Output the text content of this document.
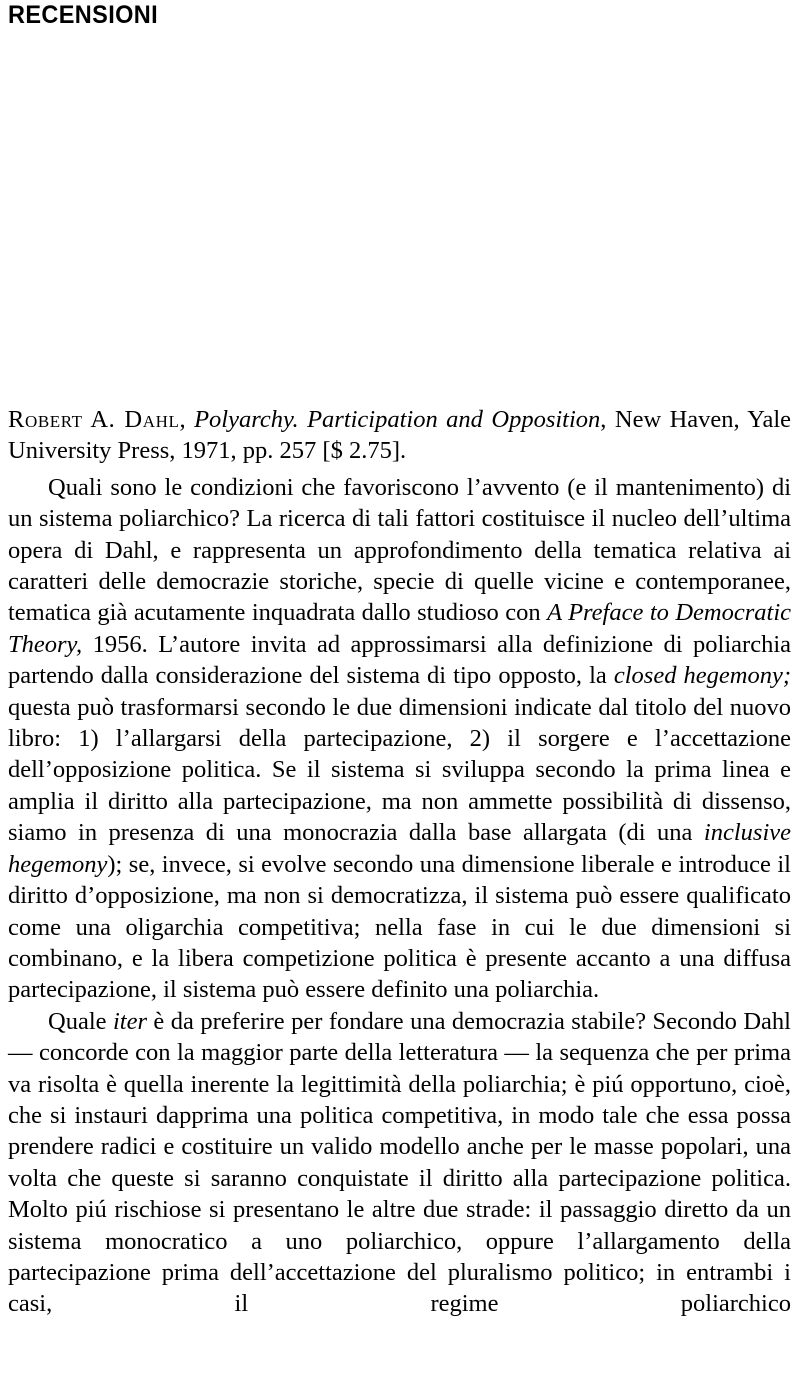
RECENSIONI

Robert A. Dahl, Polyarchy. Participation and Opposition, New Haven, Yale University Press, 1971, pp. 257 [$ 2.75].

Quali sono le condizioni che favoriscono l’avvento (e il mantenimento) di un sistema poliarchico? La ricerca di tali fattori costituisce il nucleo dell’ultima opera di Dahl, e rappresenta un approfondimento della tematica relativa ai caratteri delle democrazie storiche, specie di quelle vicine e contemporanee, tematica già acutamente inquadrata dallo studioso con A Preface to Democratic Theory, 1956. L’autore invita ad approssimarsi alla definizione di poliarchia partendo dalla considerazione del sistema di tipo opposto, la closed hegemony; questa può trasformarsi secondo le due dimensioni indicate dal titolo del nuovo libro: 1) l’allargarsi della partecipazione, 2) il sorgere e l’accettazione dell’opposizione politica. Se il sistema si sviluppa secondo la prima linea e amplia il diritto alla partecipazione, ma non ammette possibilità di dissenso, siamo in presenza di una monocrazia dalla base allargata (di una inclusive hegemony); se, invece, si evolve secondo una dimensione liberale e introduce il diritto d’opposizione, ma non si democratizza, il sistema può essere qualificato come una oligarchia competitiva; nella fase in cui le due dimensioni si combinano, e la libera competizione politica è presente accanto a una diffusa partecipazione, il sistema può essere definito una poliarchia.

Quale iter è da preferire per fondare una democrazia stabile? Secondo Dahl — concorde con la maggior parte della letteratura — la sequenza che per prima va risolta è quella inerente la legittimità della poliarchia; è piú opportuno, cioè, che si instauri dapprima una politica competitiva, in modo tale che essa possa prendere radici e costituire un valido modello anche per le masse popolari, una volta che queste si saranno conquistate il diritto alla partecipazione politica. Molto piú rischiose si presentano le altre due strade: il passaggio diretto da un sistema monocratico a uno poliarchico, oppure l’allargamento della partecipazione prima dell’accettazione del pluralismo politico; in entrambi i casi, il regime poliarchico
